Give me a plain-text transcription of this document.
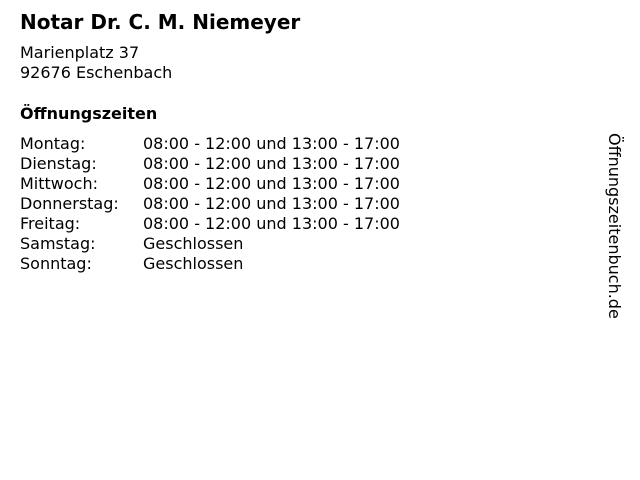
Notar Dr. C. M. Niemeyer
Marienplatz 37
92676 Eschenbach
Öffnungszeiten
Montag:	08:00 - 12:00 und 13:00 - 17:00
Dienstag:	08:00 - 12:00 und 13:00 - 17:00
Mittwoch:	08:00 - 12:00 und 13:00 - 17:00
Donnerstag:	08:00 - 12:00 und 13:00 - 17:00
Freitag:	08:00 - 12:00 und 13:00 - 17:00
Samstag:	Geschlossen
Sonntag:	Geschlossen	Öffnungszeitenbuch.de
